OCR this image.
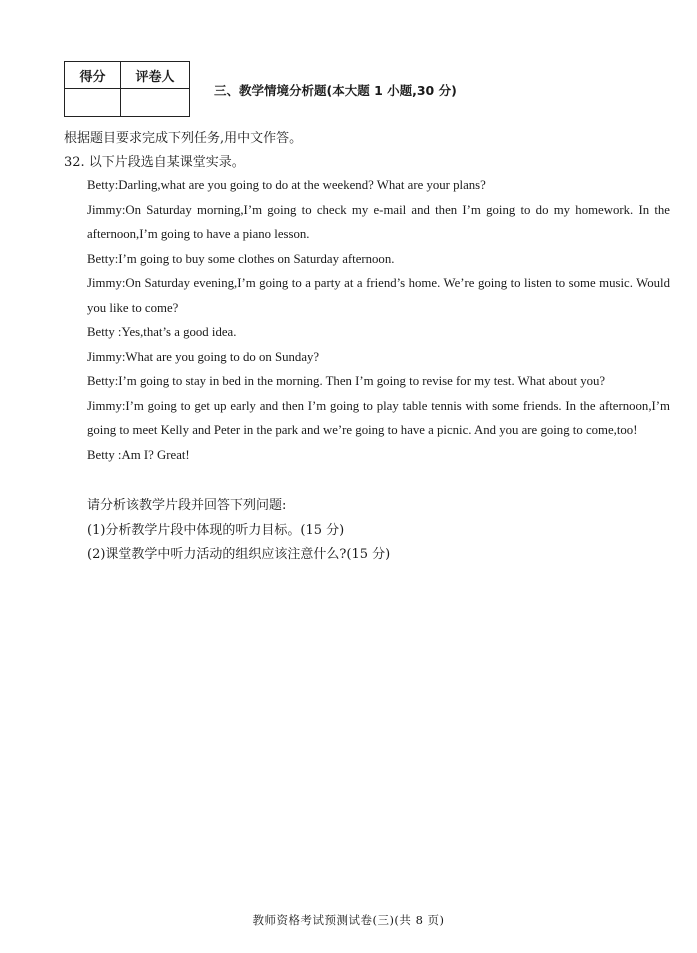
得分	评卷人

三、教学情境分析题(本大题 1 小题,30 分)
根据题目要求完成下列任务,用中文作答。
32. 以下片段选自某课堂实录。

Betty:Darling,what are you going to do at the weekend? What are your plans?

Jimmy:On Saturday morning,I’m going to check my e-mail and then I’m going to do my homework. In the afternoon,I’m going to have a piano lesson.

Betty:I’m going to buy some clothes on Saturday afternoon.

Jimmy:On Saturday evening,I’m going to a party at a friend’s home. We’re going to listen to some music. Would you like to come?

Betty :Yes,that’s a good idea.

Jimmy:What are you going to do on Sunday?

Betty:I’m going to stay in bed in the morning. Then I’m going to revise for my test. What about you?

Jimmy:I’m going to get up early and then I’m going to play table tennis with some friends. In the afternoon,I’m going to meet Kelly and Peter in the park and we’re going to have a picnic. And you are going to come,too!

Betty :Am I? Great!

请分析该教学片段并回答下列问题:

(1)分析教学片段中体现的听力目标。(15 分)

(2)课堂教学中听力活动的组织应该注意什么?(15 分)

教师资格考试预测试卷(三)(共 8 页)
